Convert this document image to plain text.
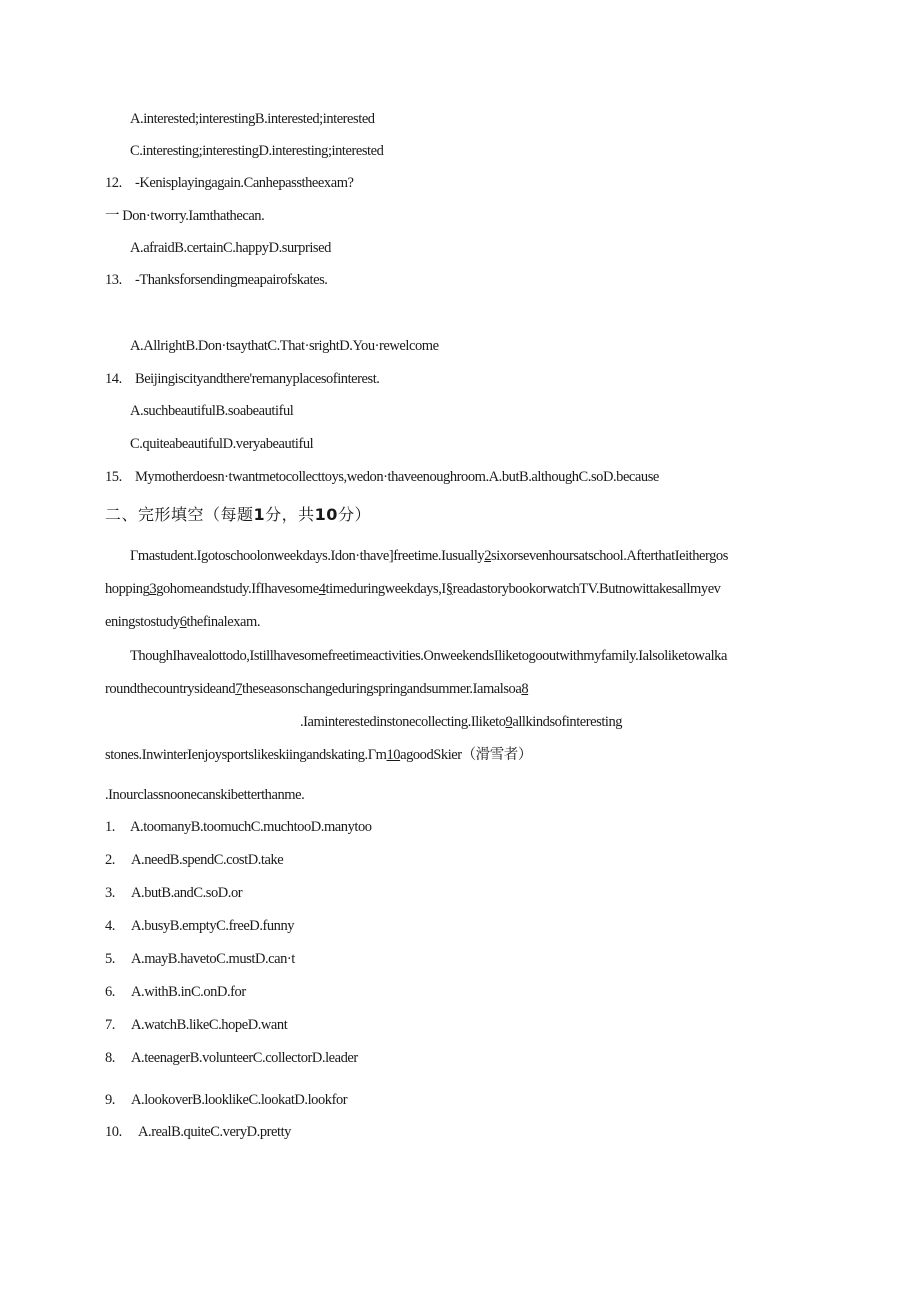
A.interested;interestingB.interested;interested
C.interesting;interestingD.interesting;interested
12. -Kenisplayingagain.Canhepasstheexam?
一 Don·tworry.Iamthathecan.
A.afraidB.certainC.happyD.surprised
13. -Thanksforsendingmeapairofskates.
A.AllrightB.Don·tsaythatC.That·srightD.You·rewelcome
14. Beijingiscityandthere'remanyplacesofinterest.
A.suchbeautifulB.soabeautiful
C.quiteabeautifulD.veryabeautiful
15. Mymotherdoesn·twantmetocollecttoys,wedon·thaveenoughroom.A.butB.althoughC.soD.because
二、完形填空（每题1分，共10分）
Γmastudent.Igotoschoolonweekdays.Idon·thave]freetime.Iusually2sixorsevenhoursatschool.AfterthatIeithergos
hopping3gohomeandstudy.IfIhavesome4timeduringweekdays,I§readastorybookorwatchTV.Butnowittakesallmyev
eningstostudy6thefinalexam.
ThoughIhavealottodo,Istillhavesomefreetimeactivities.OnweekendsIliketogooutwithmyfamily.Ialsoliketowalka
roundthecountrysideand7theseasonschangeduringspringandsummer.Iamalsoa8
.Iaminterestedinstonecollecting.Iliketo9allkindsofinteresting
stones.InwinterIenjoysportslikeskiingandskating.Γm10agoodSkier（滑雪者）
.Inourclassnoonecanskibetterthanme.
1. A.toomanyB.toomuchC.muchtooD.manytoo
2. A.needB.spendC.costD.take
3. A.butB.andC.soD.or
4. A.busyB.emptyC.freeD.funny
5. A.mayB.havetoC.mustD.can·t
6. A.withB.inC.onD.for
7. A.watchB.likeC.hopeD.want
8. A.teenagerB.volunteerC.collectorD.leader
9. A.lookoverB.looklikeC.lookatD.lookfor
10. A.realB.quiteC.veryD.pretty
